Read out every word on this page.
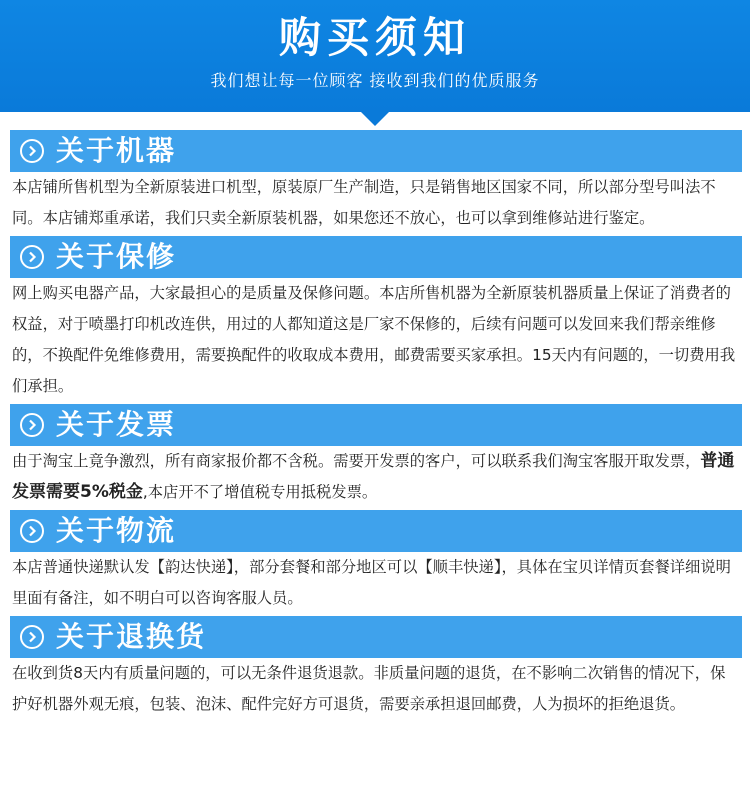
购买须知
我们想让每一位顾客 接收到我们的优质服务
关于机器
本店铺所售机型为全新原装进口机型，原装原厂生产制造，只是销售地区国家不同，所以部分型号叫法不同。本店铺郑重承诺，我们只卖全新原装机器，如果您还不放心，也可以拿到维修站进行鉴定。
关于保修
网上购买电器产品，大家最担心的是质量及保修问题。本店所售机器为全新原装机器质量上保证了消费者的权益，对于喷墨打印机改连供，用过的人都知道这是厂家不保修的，后续有问题可以发回来我们帮亲维修的，不换配件免维修费用，需要换配件的收取成本费用，邮费需要买家承担。15天内有问题的，一切费用我们承担。
关于发票
由于淘宝上竟争激烈，所有商家报价都不含税。需要开发票的客户，可以联系我们淘宝客服开取发票，普通发票需要5%税金,本店开不了增值税专用抵税发票。
关于物流
本店普通快递默认发【韵达快递】，部分套餐和部分地区可以【顺丰快递】，具体在宝贝详情页套餐详细说明里面有备注，如不明白可以咨询客服人员。
关于退换货
在收到货8天内有质量问题的，可以无条件退货退款。非质量问题的退货，在不影响二次销售的情况下，保护好机器外观无痕，包装、泡沫、配件完好方可退货，需要亲承担退回邮费，人为损坏的拒绝退货。
